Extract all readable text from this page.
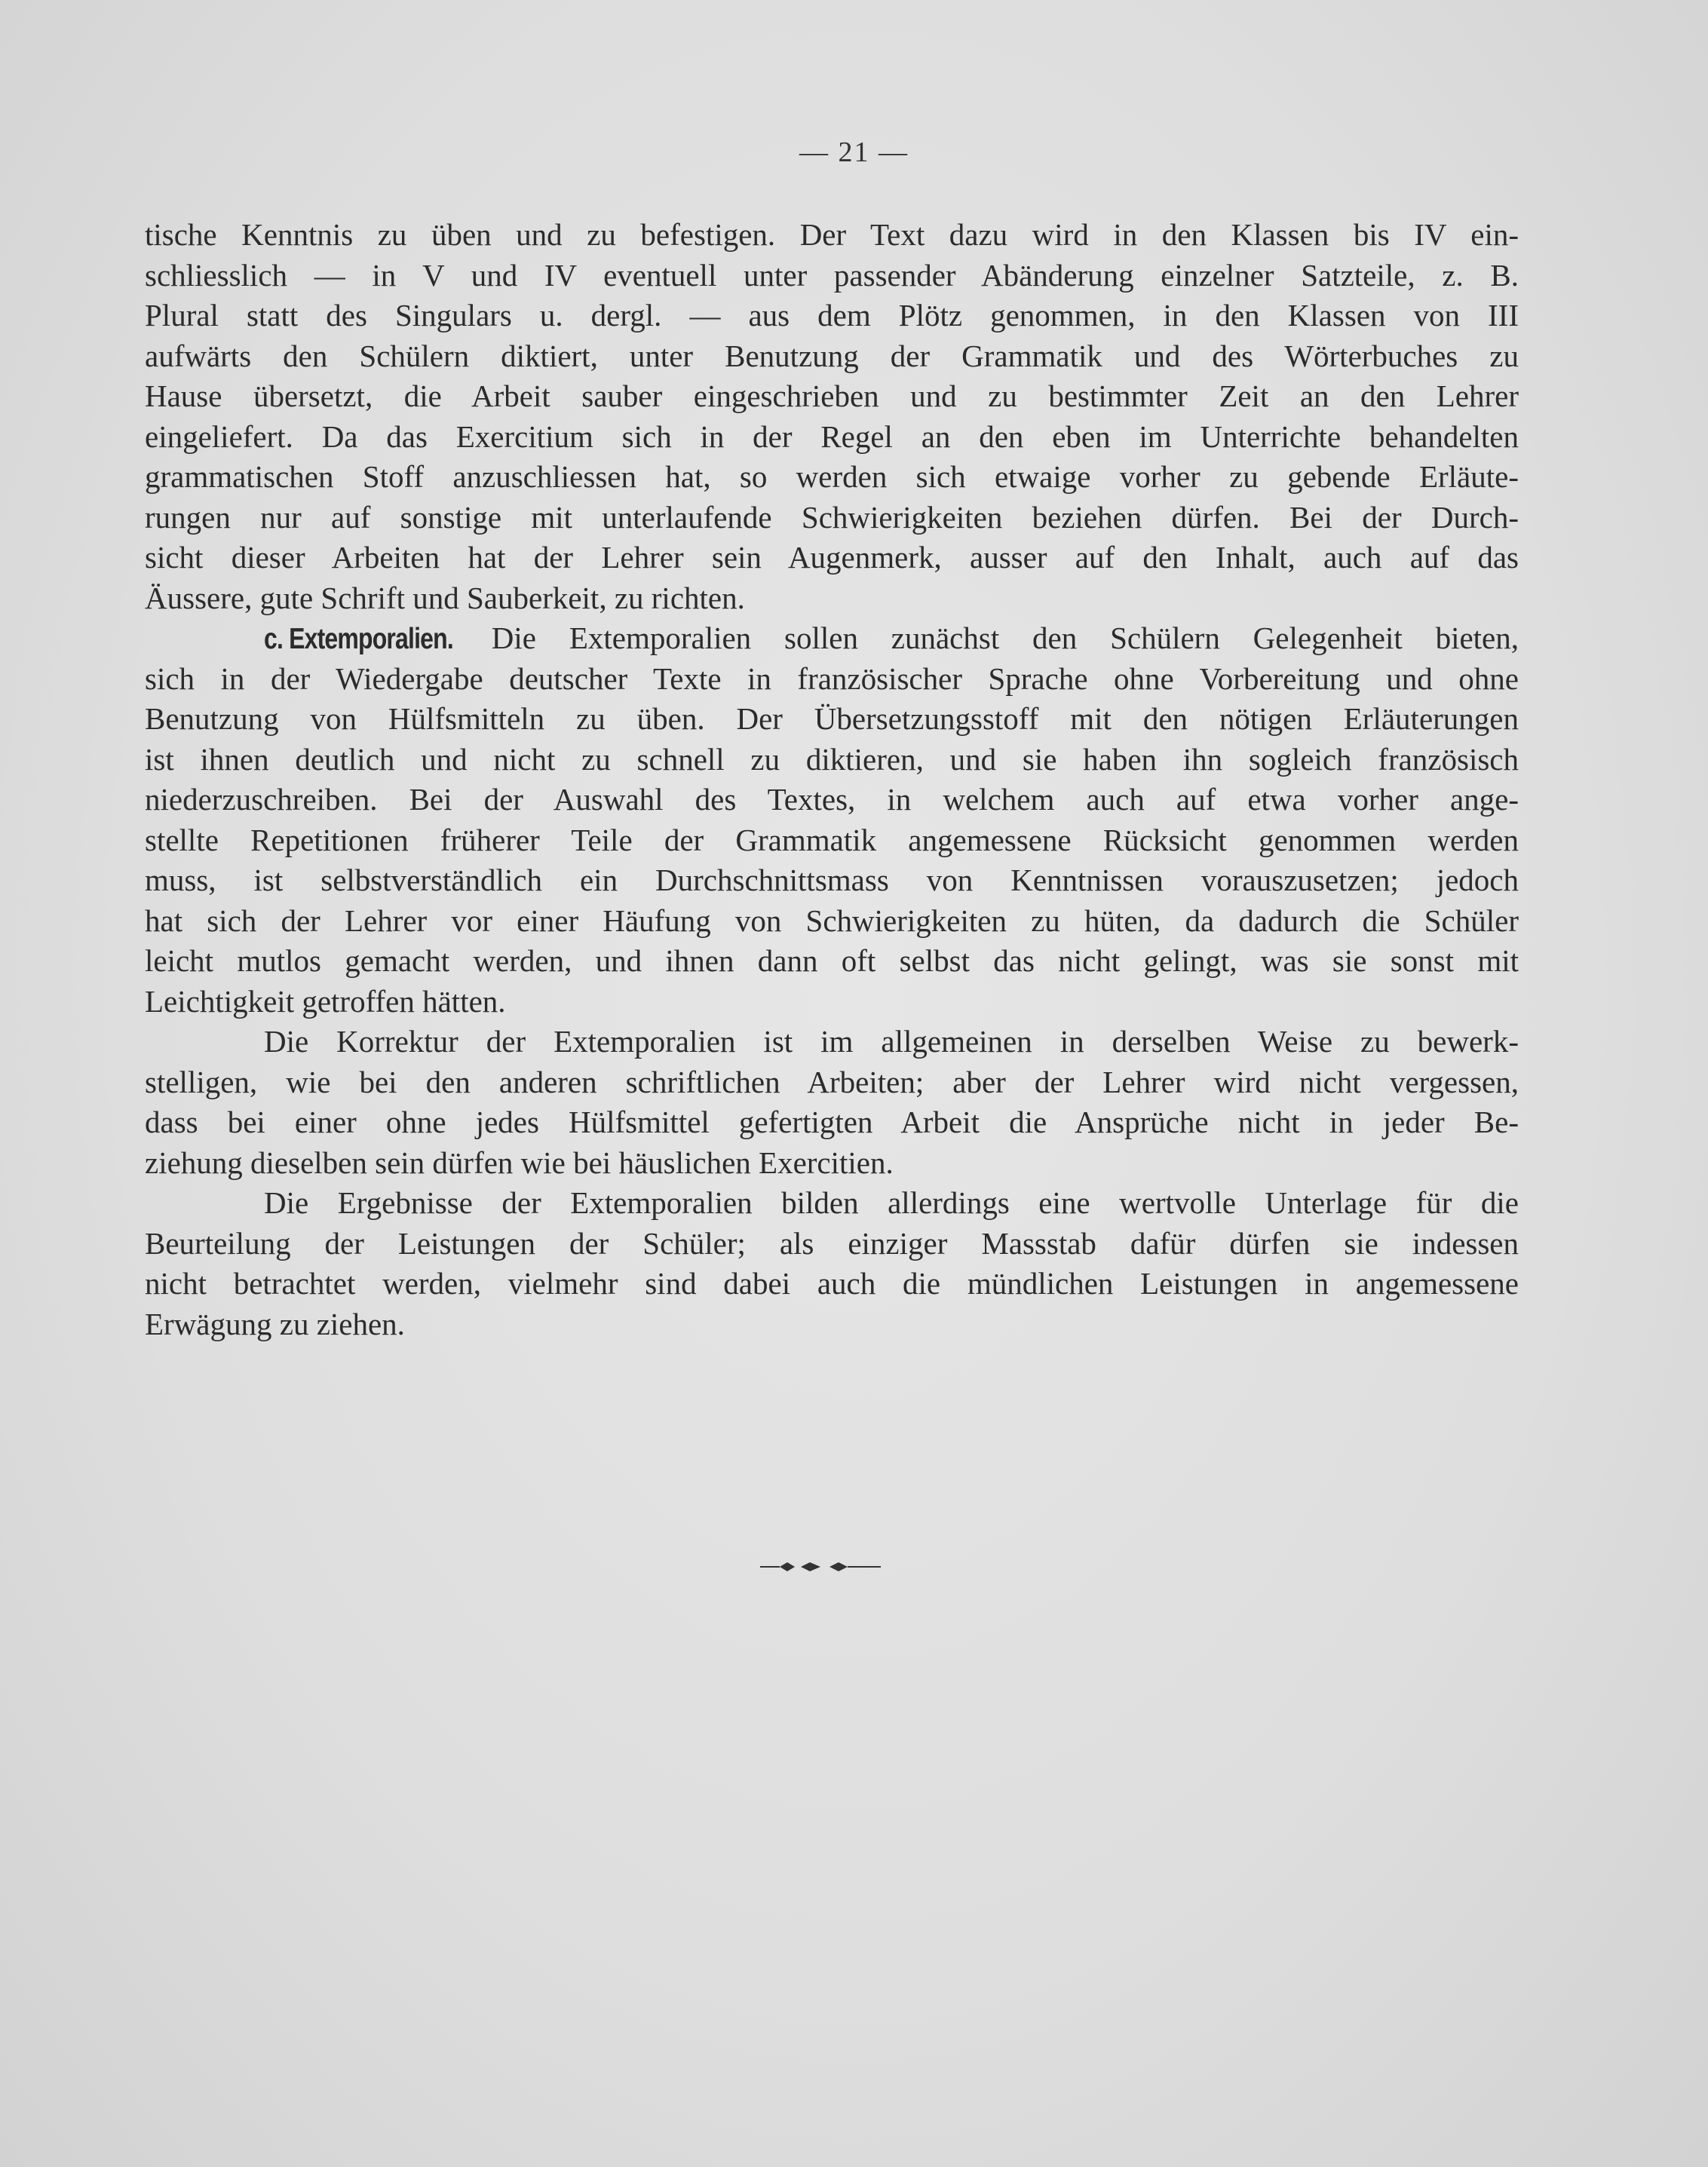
— 21 —
tische Kenntnis zu üben und zu befestigen. Der Text dazu wird in den Klassen bis IV ein-
schliesslich — in V und IV eventuell unter passender Abänderung einzelner Satzteile, z. B.
Plural statt des Singulars u. dergl. — aus dem Plötz genommen, in den Klassen von III
aufwärts den Schülern diktiert, unter Benutzung der Grammatik und des Wörterbuches zu
Hause übersetzt, die Arbeit sauber eingeschrieben und zu bestimmter Zeit an den Lehrer
eingeliefert. Da das Exercitium sich in der Regel an den eben im Unterrichte behandelten
grammatischen Stoff anzuschliessen hat, so werden sich etwaige vorher zu gebende Erläute-
rungen nur auf sonstige mit unterlaufende Schwierigkeiten beziehen dürfen. Bei der Durch-
sicht dieser Arbeiten hat der Lehrer sein Augenmerk, ausser auf den Inhalt, auch auf das
Äussere, gute Schrift und Sauberkeit, zu richten.
c. Extemporalien. Die Extemporalien sollen zunächst den Schülern Gelegenheit bieten,
sich in der Wiedergabe deutscher Texte in französischer Sprache ohne Vorbereitung und ohne
Benutzung von Hülfsmitteln zu üben. Der Übersetzungsstoff mit den nötigen Erläuterungen
ist ihnen deutlich und nicht zu schnell zu diktieren, und sie haben ihn sogleich französisch
niederzuschreiben. Bei der Auswahl des Textes, in welchem auch auf etwa vorher ange-
stellte Repetitionen früherer Teile der Grammatik angemessene Rücksicht genommen werden
muss, ist selbstverständlich ein Durchschnittsmass von Kenntnissen vorauszusetzen; jedoch
hat sich der Lehrer vor einer Häufung von Schwierigkeiten zu hüten, da dadurch die Schüler
leicht mutlos gemacht werden, und ihnen dann oft selbst das nicht gelingt, was sie sonst mit
Leichtigkeit getroffen hätten.
Die Korrektur der Extemporalien ist im allgemeinen in derselben Weise zu bewerk-
stelligen, wie bei den anderen schriftlichen Arbeiten; aber der Lehrer wird nicht vergessen,
dass bei einer ohne jedes Hülfsmittel gefertigten Arbeit die Ansprüche nicht in jeder Be-
ziehung dieselben sein dürfen wie bei häuslichen Exercitien.
Die Ergebnisse der Extemporalien bilden allerdings eine wertvolle Unterlage für die
Beurteilung der Leistungen der Schüler; als einziger Massstab dafür dürfen sie indessen
nicht betrachtet werden, vielmehr sind dabei auch die mündlichen Leistungen in angemessene
Erwägung zu ziehen.
